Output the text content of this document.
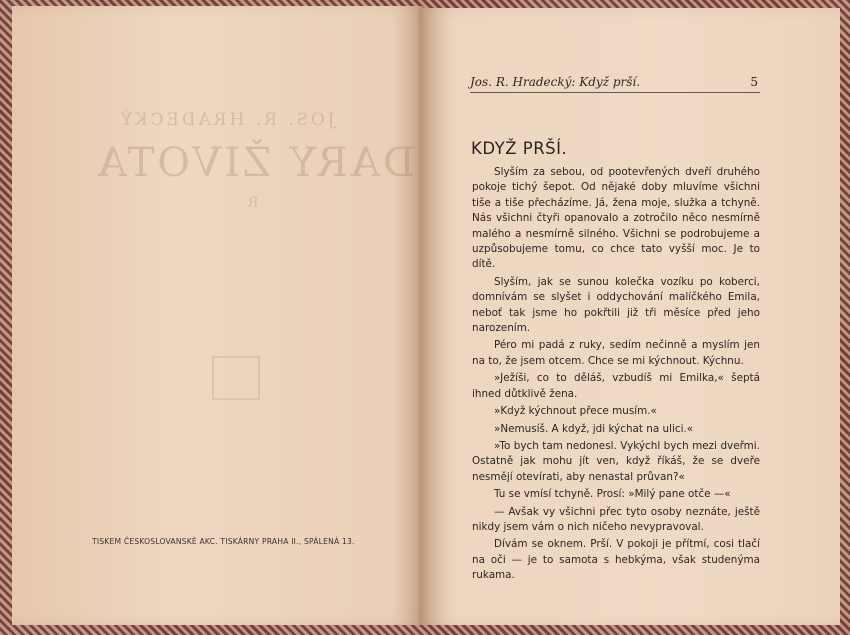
JOS. R. HRADECKÝ
DARY ŽIVOTA
R
TISKEM ČESKOSLOVANSKÉ AKC. TISKÁRNY PRAHA II., SPÁLENÁ 13.
Jos. R. Hradecký: Když prší.	5
KDYŽ PRŠÍ.

Slyším za sebou, od pootevřených dveří druhého pokoje tichý šepot. Od nějaké doby mluvíme všichni tiše a tiše přecházíme. Já, žena moje, služka a tchyně. Nás všichni čtyři opanovalo a zotročilo něco nesmírně malého a nesmírně silného. Všichni se podrobujeme a uzpůsobujeme tomu, co chce tato vyšší moc. Je to dítě.

Slyším, jak se sunou kolečka vozíku po koberci, domnívám se slyšet i oddychování malíčkého Emila, neboť tak jsme ho pokřtili již tři měsíce před jeho narozením.

Péro mi padá z ruky, sedím nečinně a myslím jen na to, že jsem otcem. Chce se mi kýchnout. Kýchnu.

»Ježíši, co to děláš, vzbudíš mi Emilka,« šeptá ihned důtklivě žena.

»Když kýchnout přece musím.«

»Nemusíš. A když, jdi kýchat na ulici.«

»To bych tam nedonesl. Vykýchl bych mezi dveřmi. Ostatně jak mohu jít ven, když říkáš, že se dveře nesmějí otevírati, aby nenastal průvan?«

Tu se vmísí tchyně. Prosí: »Milý pane otče —«

— Avšak vy všichni přec tyto osoby neznáte, ještě nikdy jsem vám o nich ničeho nevypravoval.

Dívám se oknem. Prší. V pokoji je přítmí, cosi tlačí na oči — je to samota s hebkýma, však studenýma rukama.
